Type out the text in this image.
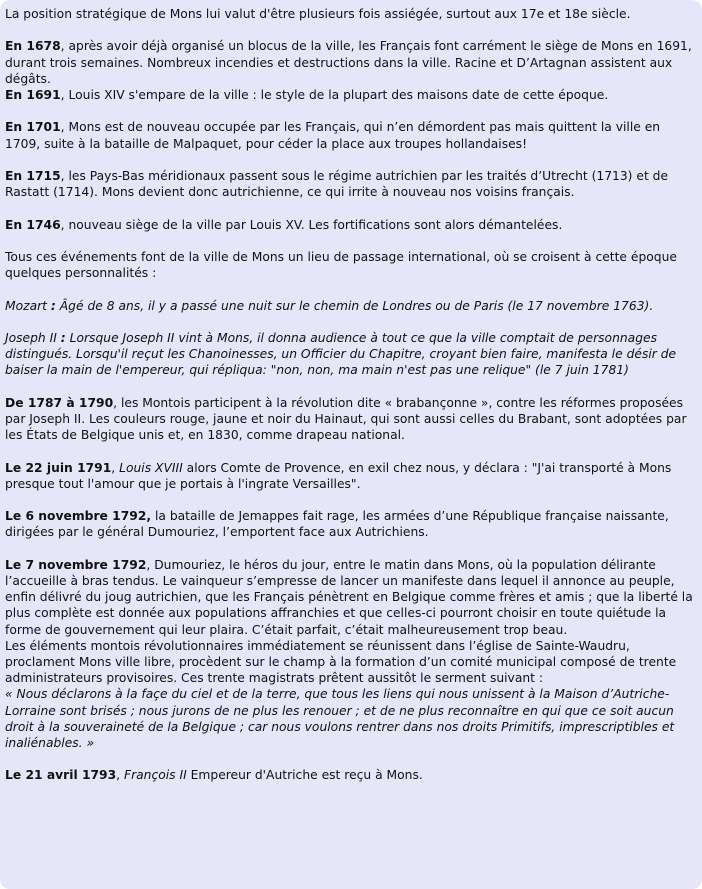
La position stratégique de Mons lui valut d'être plusieurs fois assiégée, surtout aux 17e et 18e siècle.

En 1678, après avoir déjà organisé un blocus de la ville, les Français font carrément le siège de Mons en 1691, durant trois semaines. Nombreux incendies et destructions dans la ville. Racine et D’Artagnan assistent aux dégâts.
En 1691, Louis XIV s'empare de la ville : le style de la plupart des maisons date de cette époque.

En 1701, Mons est de nouveau occupée par les Français, qui n’en démordent pas mais quittent la ville en 1709, suite à la bataille de Malpaquet, pour céder la place aux troupes hollandaises!

En 1715, les Pays-Bas méridionaux passent sous le régime autrichien par les traités d’Utrecht (1713) et de Rastatt (1714). Mons devient donc autrichienne, ce qui irrite à nouveau nos voisins français.

En 1746, nouveau siège de la ville par Louis XV. Les fortifications sont alors démantelées.

Tous ces événements font de la ville de Mons un lieu de passage international, où se croisent à cette époque quelques personnalités :

Mozart : Âgé de 8 ans, il y a passé une nuit sur le chemin de Londres ou de Paris (le 17 novembre 1763).

Joseph II : Lorsque Joseph II vint à Mons, il donna audience à tout ce que la ville comptait de personnages distingués. Lorsqu'il reçut les Chanoinesses, un Officier du Chapitre, croyant bien faire, manifesta le désir de baiser la main de l'empereur, qui répliqua: "non, non, ma main n'est pas une relique" (le 7 juin 1781)

De 1787 à 1790, les Montois participent à la révolution dite « brabançonne », contre les réformes proposées par Joseph II. Les couleurs rouge, jaune et noir du Hainaut, qui sont aussi celles du Brabant, sont adoptées par les États de Belgique unis et, en 1830, comme drapeau national.

Le 22 juin 1791, Louis XVIII alors Comte de Provence, en exil chez nous, y déclara : "J'ai transporté à Mons presque tout l'amour que je portais à l'ingrate Versailles".

Le 6 novembre 1792, la bataille de Jemappes fait rage, les armées d’une République française naissante, dirigées par le général Dumouriez, l’emportent face aux Autrichiens.

Le 7 novembre 1792, Dumouriez, le héros du jour, entre le matin dans Mons, où la population délirante l’accueille à bras tendus. Le vainqueur s’empresse de lancer un manifeste dans lequel il annonce au peuple, enfin délivré du joug autrichien, que les Français pénètrent en Belgique comme frères et amis ; que la liberté la plus complète est donnée aux populations affranchies et que celles-ci pourront choisir en toute quiétude la forme de gouvernement qui leur plaira. C’était parfait, c’était malheureusement trop beau.
Les éléments montois révolutionnaires immédiatement se réunissent dans l’église de Sainte-Waudru, proclament Mons ville libre, procèdent sur le champ à la formation d’un comité municipal composé de trente administrateurs provisoires. Ces trente magistrats prêtent aussitôt le serment suivant :
« Nous déclarons à la façe du ciel et de la terre, que tous les liens qui nous unissent à la Maison d’Autriche-Lorraine sont brisés ; nous jurons de ne plus les renouer ; et de ne plus reconnaître en qui que ce soit aucun droit à la souveraineté de la Belgique ; car nous voulons rentrer dans nos droits Primitifs, imprescriptibles et inaliénables. »

Le 21 avril 1793, François II Empereur d'Autriche est reçu à Mons.
